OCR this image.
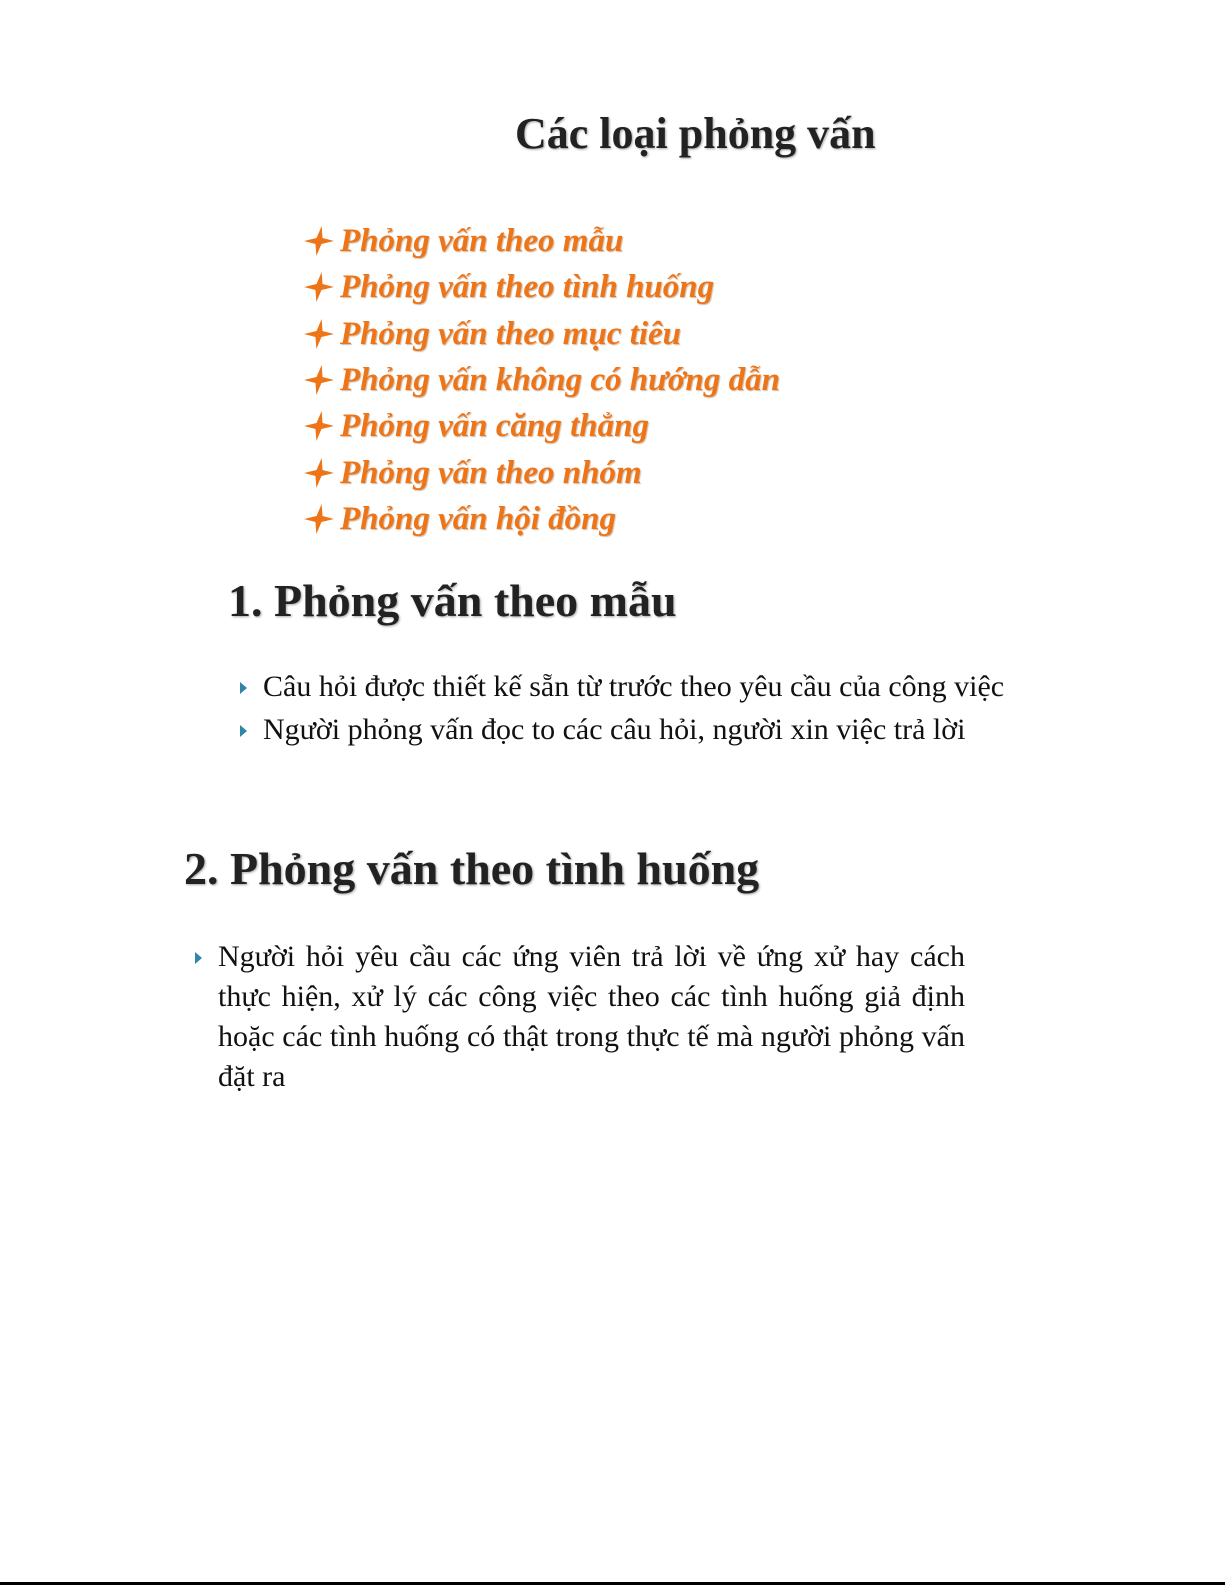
Các loại phỏng vấn
Phỏng vấn theo mẫu
Phỏng vấn theo tình huống
Phỏng vấn theo mục tiêu
Phỏng vấn không có hướng dẫn
Phỏng vấn căng thẳng
Phỏng vấn theo nhóm
Phỏng vấn hội đồng
1. Phỏng vấn theo mẫu
Câu hỏi được thiết kế sẵn từ trước theo yêu cầu của công việc
Người phỏng vấn đọc to các câu hỏi, người xin việc trả lời
2. Phỏng vấn theo tình huống
Người hỏi yêu cầu các ứng viên trả lời về ứng xử hay cách thực hiện, xử lý các công việc theo các tình huống giả định hoặc các tình huống có thật trong thực tế mà người phỏng vấn đặt ra
